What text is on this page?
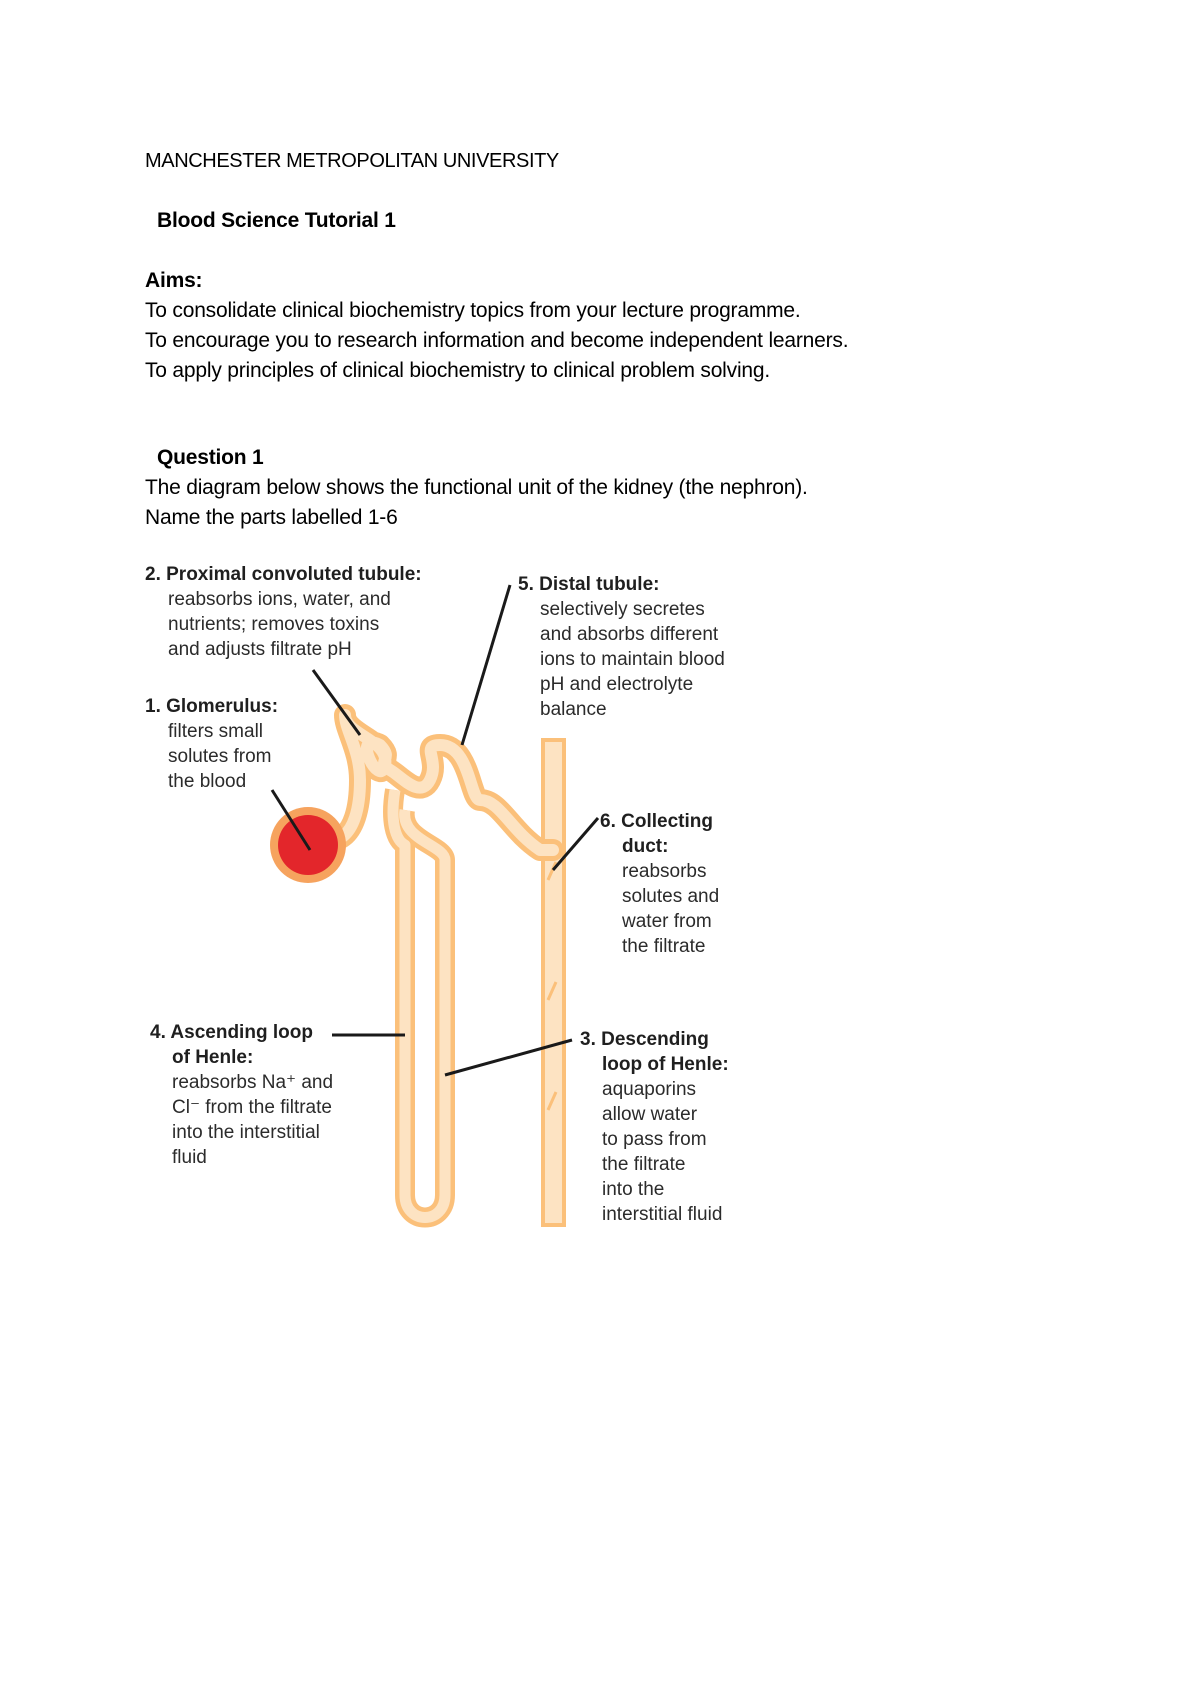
MANCHESTER METROPOLITAN UNIVERSITY
Blood Science Tutorial 1
Aims:
To consolidate clinical biochemistry topics from your lecture programme.
To encourage you to research information and become independent learners.
To apply principles of clinical biochemistry to clinical problem solving.
Question 1
The diagram below shows the functional unit of the kidney (the nephron).
Name the parts labelled 1-6
2. Proximal convoluted tubule:
reabsorbs ions, water, and
nutrients; removes toxins
and adjusts filtrate pH
1. Glomerulus:
filters small
solutes from
the blood
5. Distal tubule:
selectively secretes
and absorbs different
ions to maintain blood
pH and electrolyte
balance
6. Collecting
duct:
reabsorbs
solutes and
water from
the filtrate
4. Ascending loop
of Henle:
reabsorbs Na⁺ and
Cl⁻ from the filtrate
into the interstitial
fluid
3. Descending
loop of Henle:
aquaporins
allow water
to pass from
the filtrate
into the
interstitial fluid
